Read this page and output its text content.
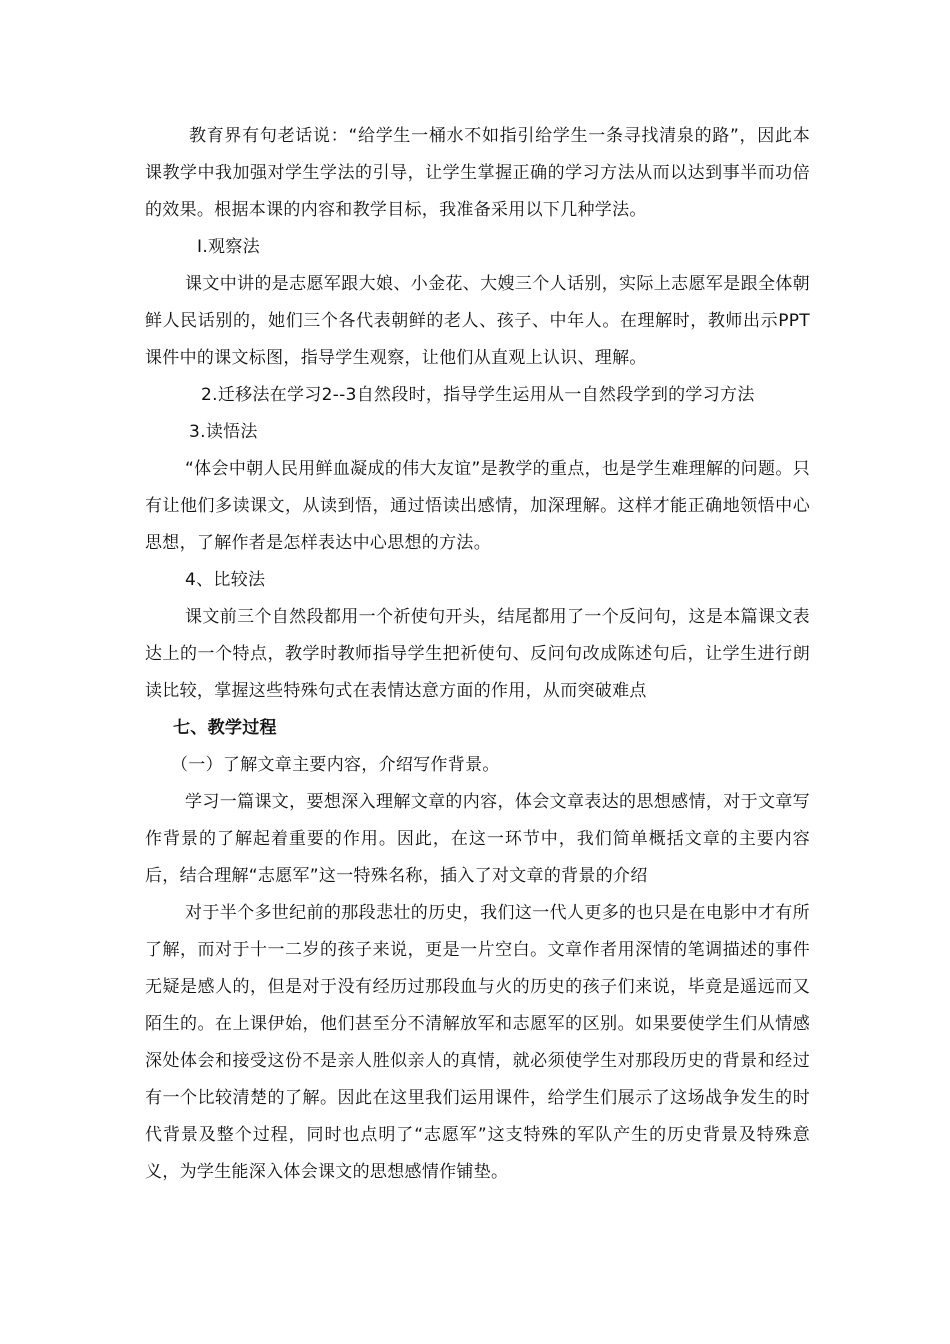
教育界有句老话说：“给学生一桶水不如指引给学生一条寻找清泉的路”，因此本课教学中我加强对学生学法的引导，让学生掌握正确的学习方法从而以达到事半而功倍的效果。根据本课的内容和教学目标，我准备采用以下几种学法。

Ⅰ.观察法

课文中讲的是志愿军跟大娘、小金花、大嫂三个人话别，实际上志愿军是跟全体朝鲜人民话别的，她们三个各代表朝鲜的老人、孩子、中年人。在理解时，教师出示PPT课件中的课文标图，指导学生观察，让他们从直观上认识、理解。

2.迁移法在学习2--3自然段时，指导学生运用从一自然段学到的学习方法

3.读悟法

“体会中朝人民用鲜血凝成的伟大友谊”是教学的重点，也是学生难理解的问题。只有让他们多读课文，从读到悟，通过悟读出感情，加深理解。这样才能正确地领悟中心思想，了解作者是怎样表达中心思想的方法。

4、比较法

课文前三个自然段都用一个祈使句开头，结尾都用了一个反问句，这是本篇课文表达上的一个特点，教学时教师指导学生把祈使句、反问句改成陈述句后，让学生进行朗读比较，掌握这些特殊句式在表情达意方面的作用，从而突破难点

七、教学过程

（一）了解文章主要内容，介绍写作背景。

学习一篇课文，要想深入理解文章的内容，体会文章表达的思想感情，对于文章写作背景的了解起着重要的作用。因此，在这一环节中，我们简单概括文章的主要内容后，结合理解“志愿军”这一特殊名称，插入了对文章的背景的介绍

对于半个多世纪前的那段悲壮的历史，我们这一代人更多的也只是在电影中才有所了解，而对于十一二岁的孩子来说，更是一片空白。文章作者用深情的笔调描述的事件无疑是感人的，但是对于没有经历过那段血与火的历史的孩子们来说，毕竟是遥远而又陌生的。在上课伊始，他们甚至分不清解放军和志愿军的区别。如果要使学生们从情感深处体会和接受这份不是亲人胜似亲人的真情，就必须使学生对那段历史的背景和经过有一个比较清楚的了解。因此在这里我们运用课件，给学生们展示了这场战争发生的时代背景及整个过程，同时也点明了“志愿军”这支特殊的军队产生的历史背景及特殊意义，为学生能深入体会课文的思想感情作铺垫。
